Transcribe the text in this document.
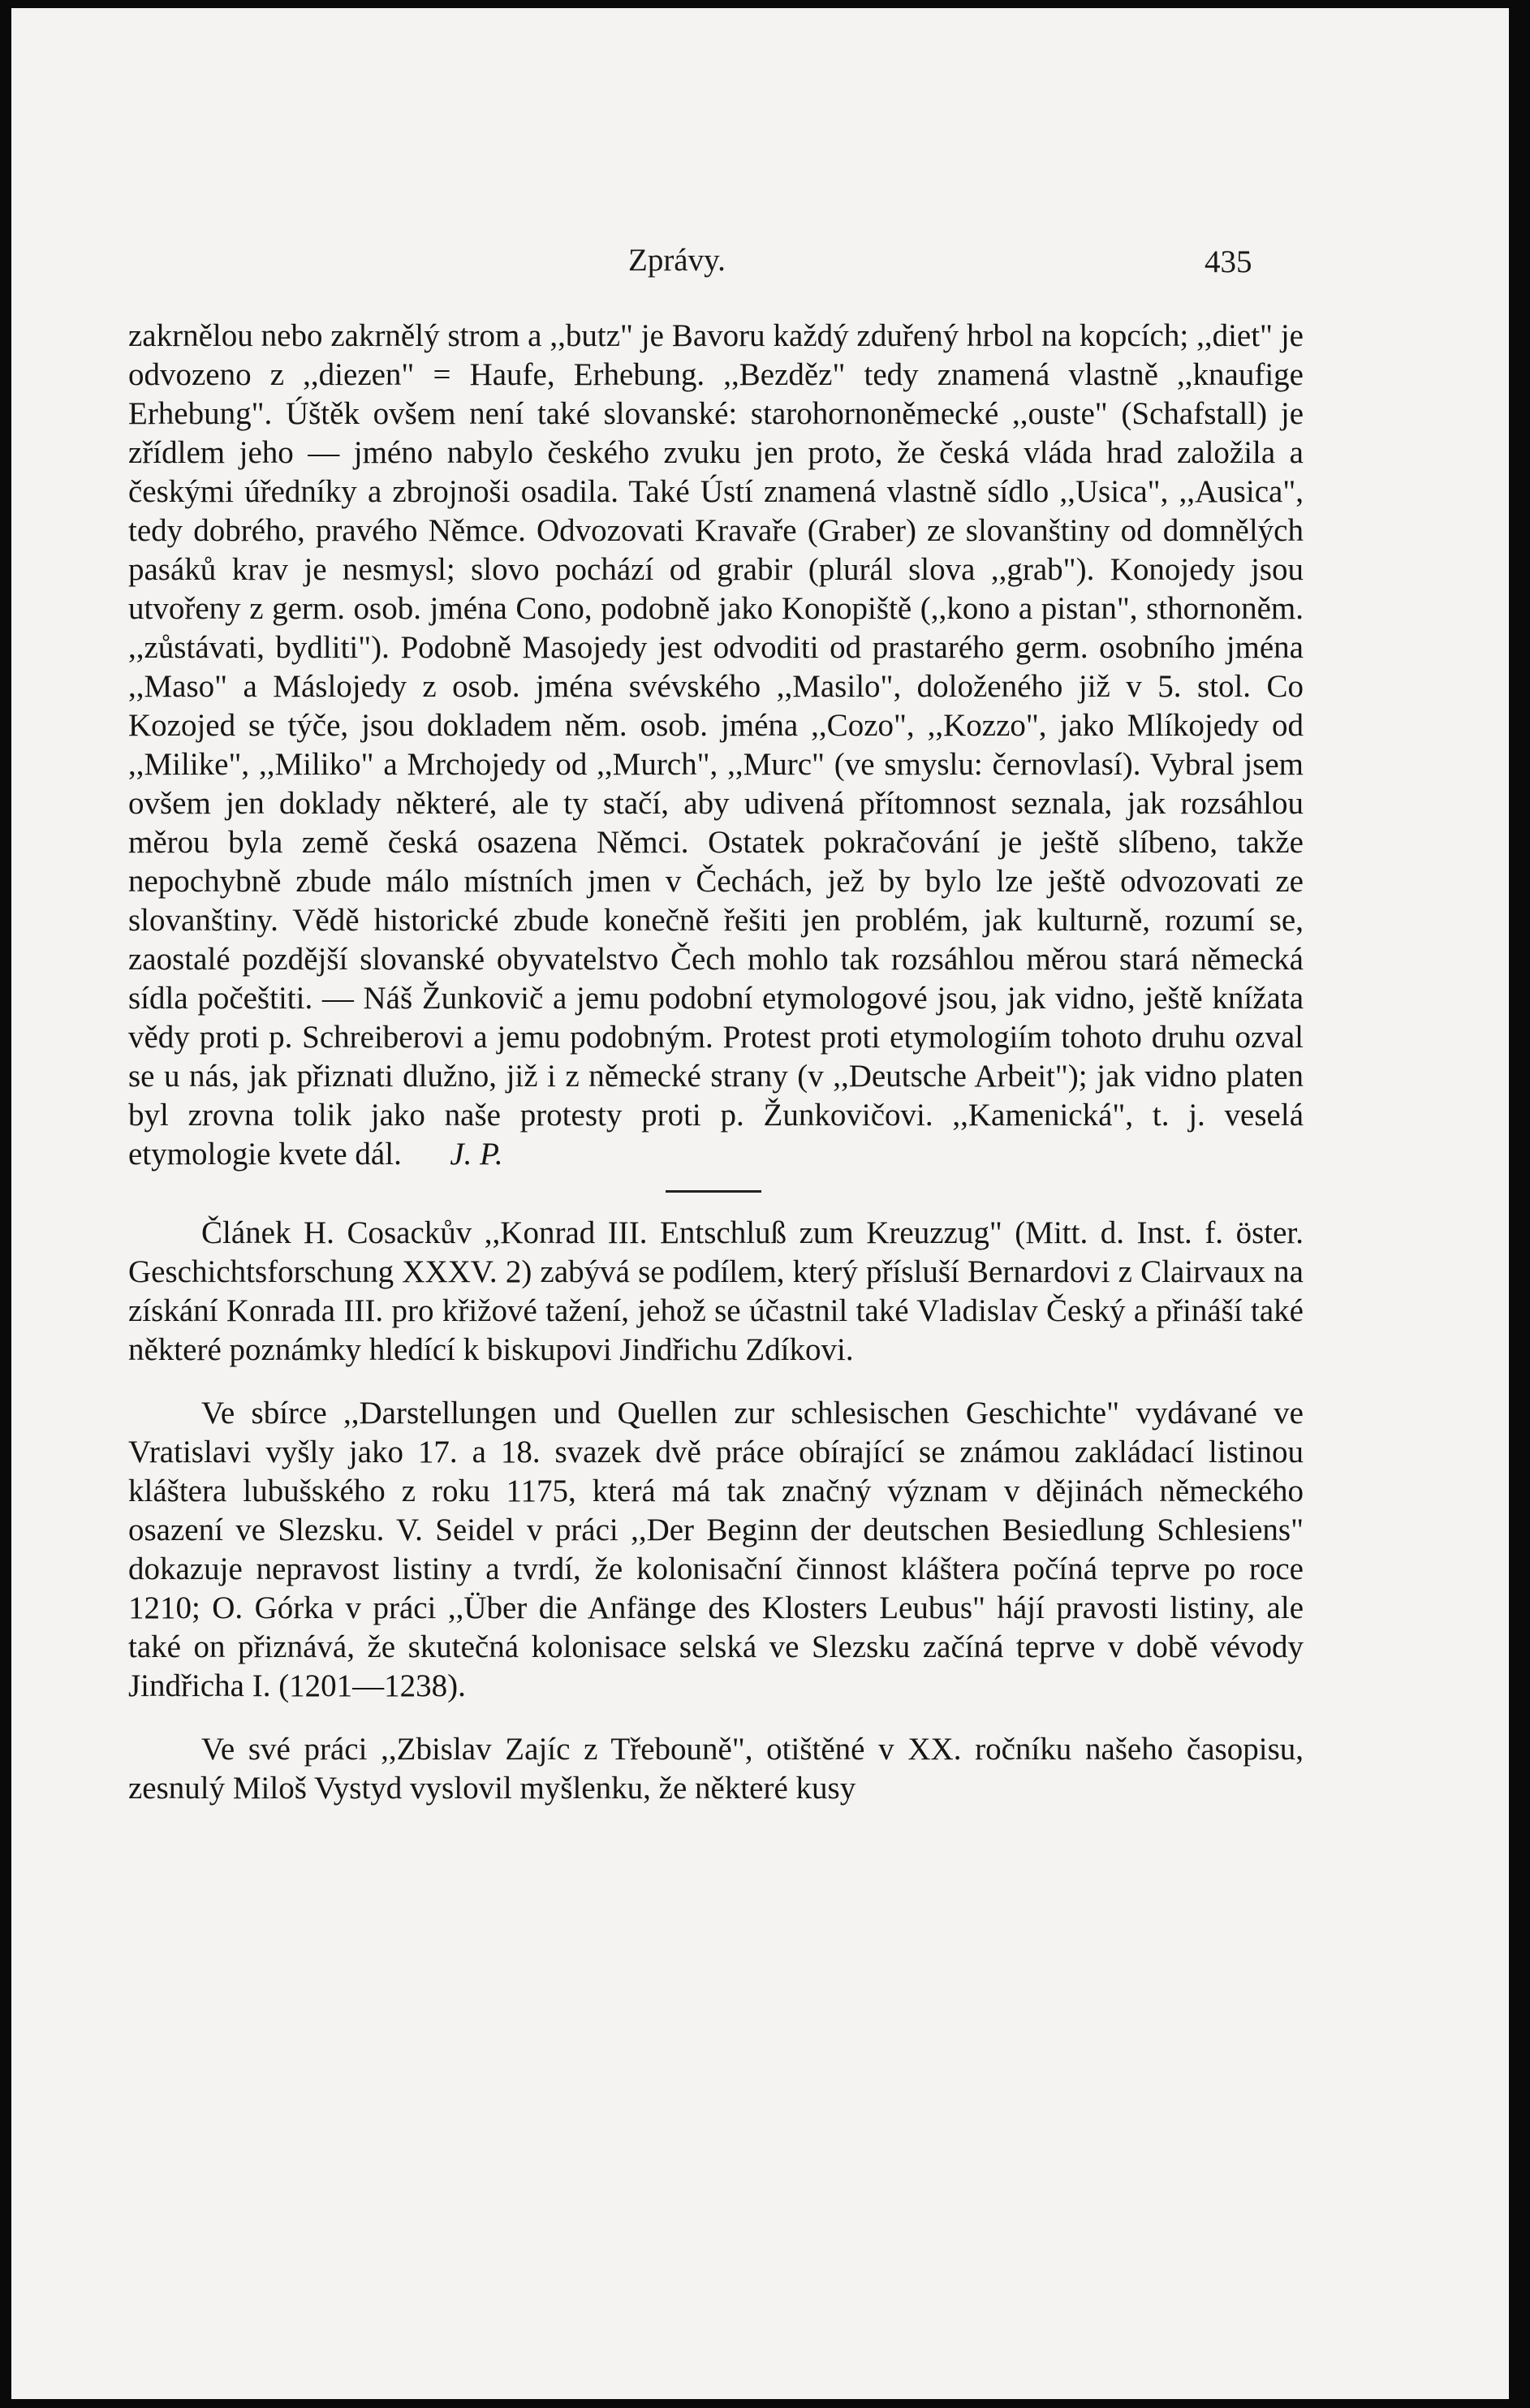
Zprávy.	435
zakrnělou nebo zakrnělý strom a ,,butz" je Bavoru každý zduřený hrbol na kopcích; ,,diet" je odvozeno z ,,diezen" = Haufe, Erhebung. ,,Bezděz" tedy znamená vlastně ,,knaufige Erhebung". Úštěk ovšem není také slovanské: starohornoněmecké ,,ouste" (Schafstall) je zřídlem jeho — jméno nabylo českého zvuku jen proto, že česká vláda hrad založila a českými úředníky a zbrojnoši osadila. Také Ústí znamená vlastně sídlo ,,Usica", ,,Ausica", tedy dobrého, pravého Němce. Odvozovati Kravaře (Graber) ze slovanštiny od domnělých pasáků krav je nesmysl; slovo pochází od grabir (plurál slova ,,grab"). Konojedy jsou utvořeny z germ. osob. jména Cono, podobně jako Konopiště (,,kono a pistan", sthornoněm. ,,zůstávati, bydliti"). Podobně Masojedy jest odvoditi od prastarého germ. osobního jména ,,Maso" a Máslojedy z osob. jména svévského ,,Masilo", doloženého již v 5. stol. Co Kozojed se týče, jsou dokladem něm. osob. jména ,,Cozo", ,,Kozzo", jako Mlíkojedy od ,,Milike", ,,Miliko" a Mrchojedy od ,,Murch", ,,Murc" (ve smyslu: černovlasí). Vybral jsem ovšem jen doklady některé, ale ty stačí, aby udivená přítomnost seznala, jak rozsáhlou měrou byla země česká osazena Němci. Ostatek pokračování je ještě slíbeno, takže nepochybně zbude málo místních jmen v Čechách, jež by bylo lze ještě odvozovati ze slovanštiny. Vědě historické zbude konečně řešiti jen problém, jak kulturně, rozumí se, zaostalé pozdější slovanské obyvatelstvo Čech mohlo tak rozsáhlou měrou stará německá sídla počeštiti. — Náš Žunkovič a jemu podobní etymologové jsou, jak vidno, ještě knížata vědy proti p. Schreiberovi a jemu podobným. Protest proti etymologiím tohoto druhu ozval se u nás, jak přiznati dlužno, již i z německé strany (v ,,Deutsche Arbeit"); jak vidno platen byl zrovna tolik jako naše protesty proti p. Žunkovičovi. ,,Kamenická", t. j. veselá etymologie kvete dál. J. P.
Článek H. Cosackův ,,Konrad III. Entschluß zum Kreuzzug" (Mitt. d. Inst. f. öster. Geschichtsforschung XXXV. 2) zabývá se podílem, který přísluší Bernardovi z Clairvaux na získání Konrada III. pro křižové tažení, jehož se účastnil také Vladislav Český a přináší také některé poznámky hledící k biskupovi Jindřichu Zdíkovi.
Ve sbírce ,,Darstellungen und Quellen zur schlesischen Geschichte" vydávané ve Vratislavi vyšly jako 17. a 18. svazek dvě práce obírající se známou zakládací listinou kláštera lubušského z roku 1175, která má tak značný význam v dějinách německého osazení ve Slezsku. V. Seidel v práci ,,Der Beginn der deutschen Besiedlung Schlesiens" dokazuje nepravost listiny a tvrdí, že kolonisační činnost kláštera počíná teprve po roce 1210; O. Górka v práci ,,Über die Anfänge des Klosters Leubus" hájí pravosti listiny, ale také on přiznává, že skutečná kolonisace selská ve Slezsku začíná teprve v době vévody Jindřicha I. (1201—1238).
Ve své práci ,,Zbislav Zajíc z Třebouně", otištěné v XX. ročníku našeho časopisu, zesnulý Miloš Vystyd vyslovil myšlenku, že některé kusy
